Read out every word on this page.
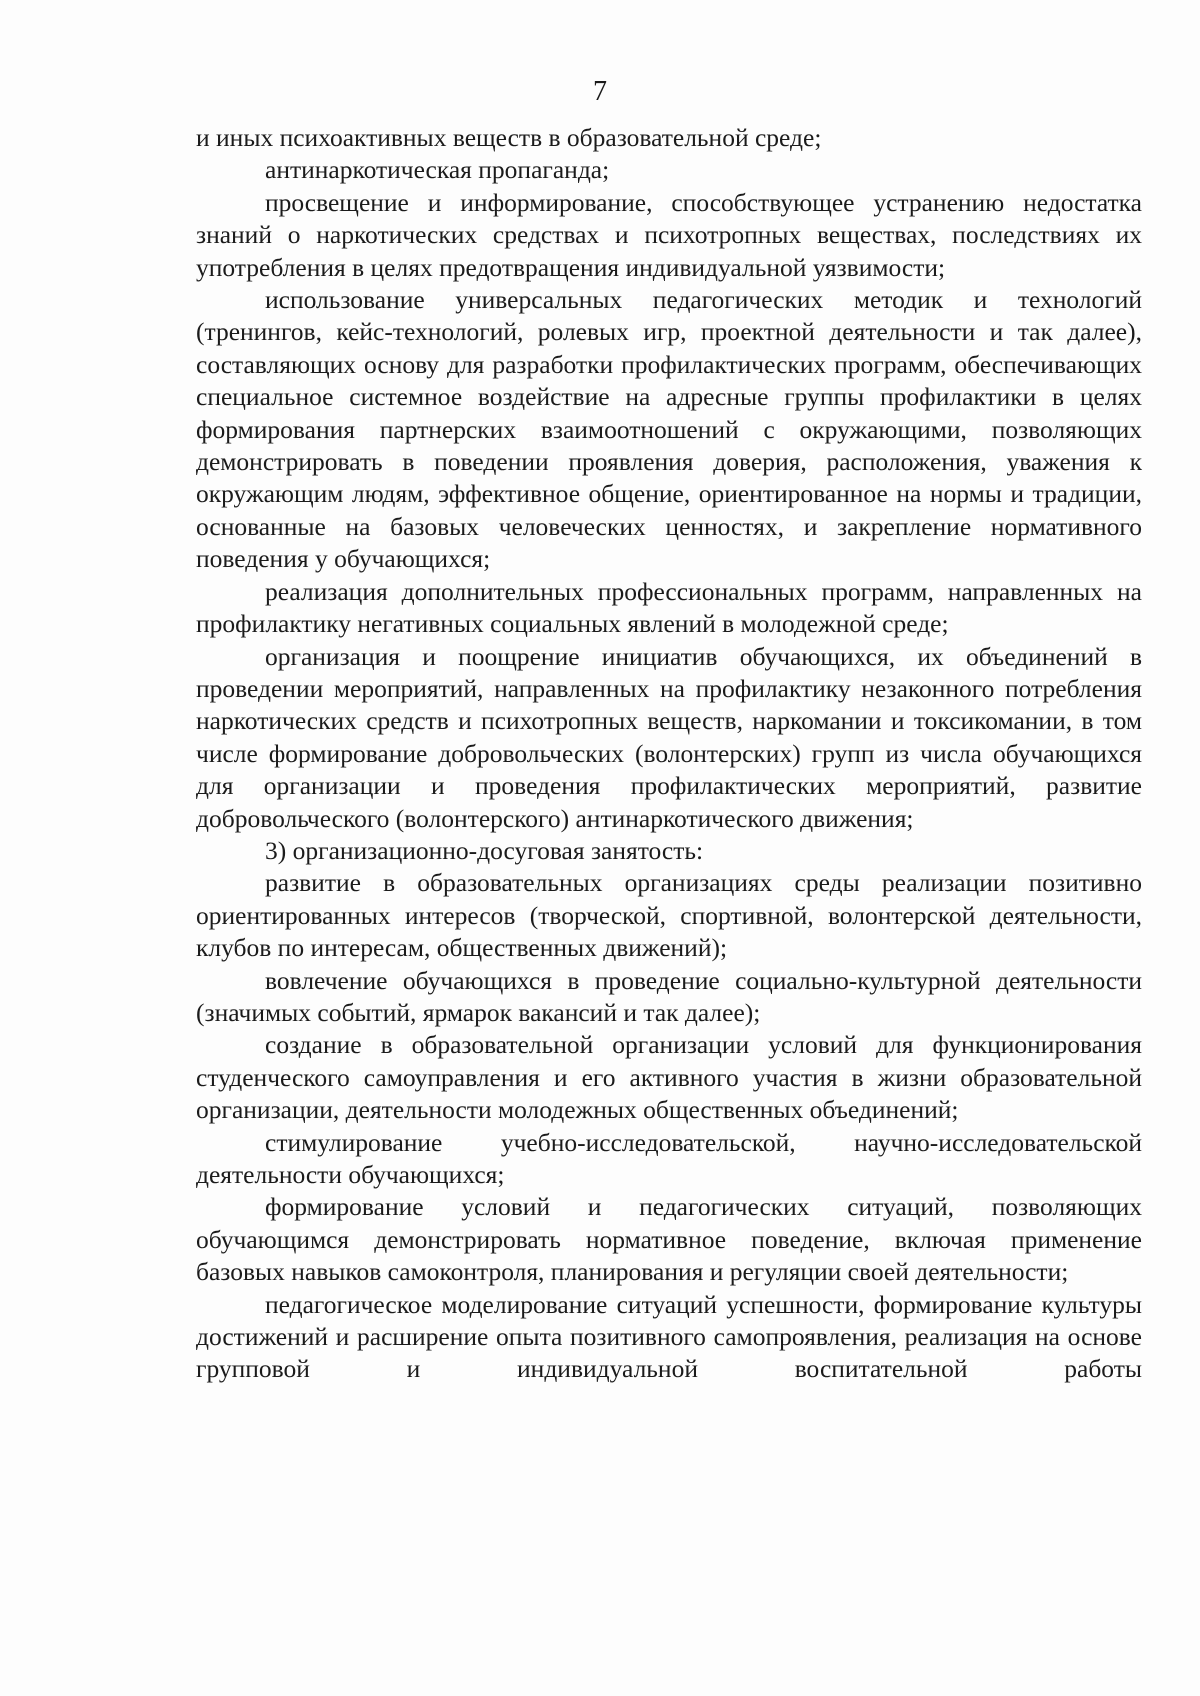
7

и иных психоактивных веществ в образовательной среде;

антинаркотическая пропаганда;

просвещение и информирование, способствующее устранению недостатка знаний о наркотических средствах и психотропных веществах, последствиях их употребления в целях предотвращения индивидуальной уязвимости;

использование универсальных педагогических методик и технологий (тренингов, кейс-технологий, ролевых игр, проектной деятельности и так далее), составляющих основу для разработки профилактических программ, обеспечивающих специальное системное воздействие на адресные группы профилактики в целях формирования партнерских взаимоотношений с окружающими, позволяющих демонстрировать в поведении проявления доверия, расположения, уважения к окружающим людям, эффективное общение, ориентированное на нормы и традиции, основанные на базовых человеческих ценностях, и закрепление нормативного поведения у обучающихся;

реализация дополнительных профессиональных программ, направленных на профилактику негативных социальных явлений в молодежной среде;

организация и поощрение инициатив обучающихся, их объединений в проведении мероприятий, направленных на профилактику незаконного потребления наркотических средств и психотропных веществ, наркомании и токсикомании, в том числе формирование добровольческих (волонтерских) групп из числа обучающихся для организации и проведения профилактических мероприятий, развитие добровольческого (волонтерского) антинаркотического движения;

3) организационно-досуговая занятость:

развитие в образовательных организациях среды реализации позитивно ориентированных интересов (творческой, спортивной, волонтерской деятельности, клубов по интересам, общественных движений);

вовлечение обучающихся в проведение социально-культурной деятельности (значимых событий, ярмарок вакансий и так далее);

создание в образовательной организации условий для функционирования студенческого самоуправления и его активного участия в жизни образовательной организации, деятельности молодежных общественных объединений;

стимулирование учебно-исследовательской, научно-исследовательской деятельности обучающихся;

формирование условий и педагогических ситуаций, позволяющих обучающимся демонстрировать нормативное поведение, включая применение базовых навыков самоконтроля, планирования и регуляции своей деятельности;

педагогическое моделирование ситуаций успешности, формирование культуры достижений и расширение опыта позитивного самопроявления, реализация на основе групповой и индивидуальной воспитательной работы
